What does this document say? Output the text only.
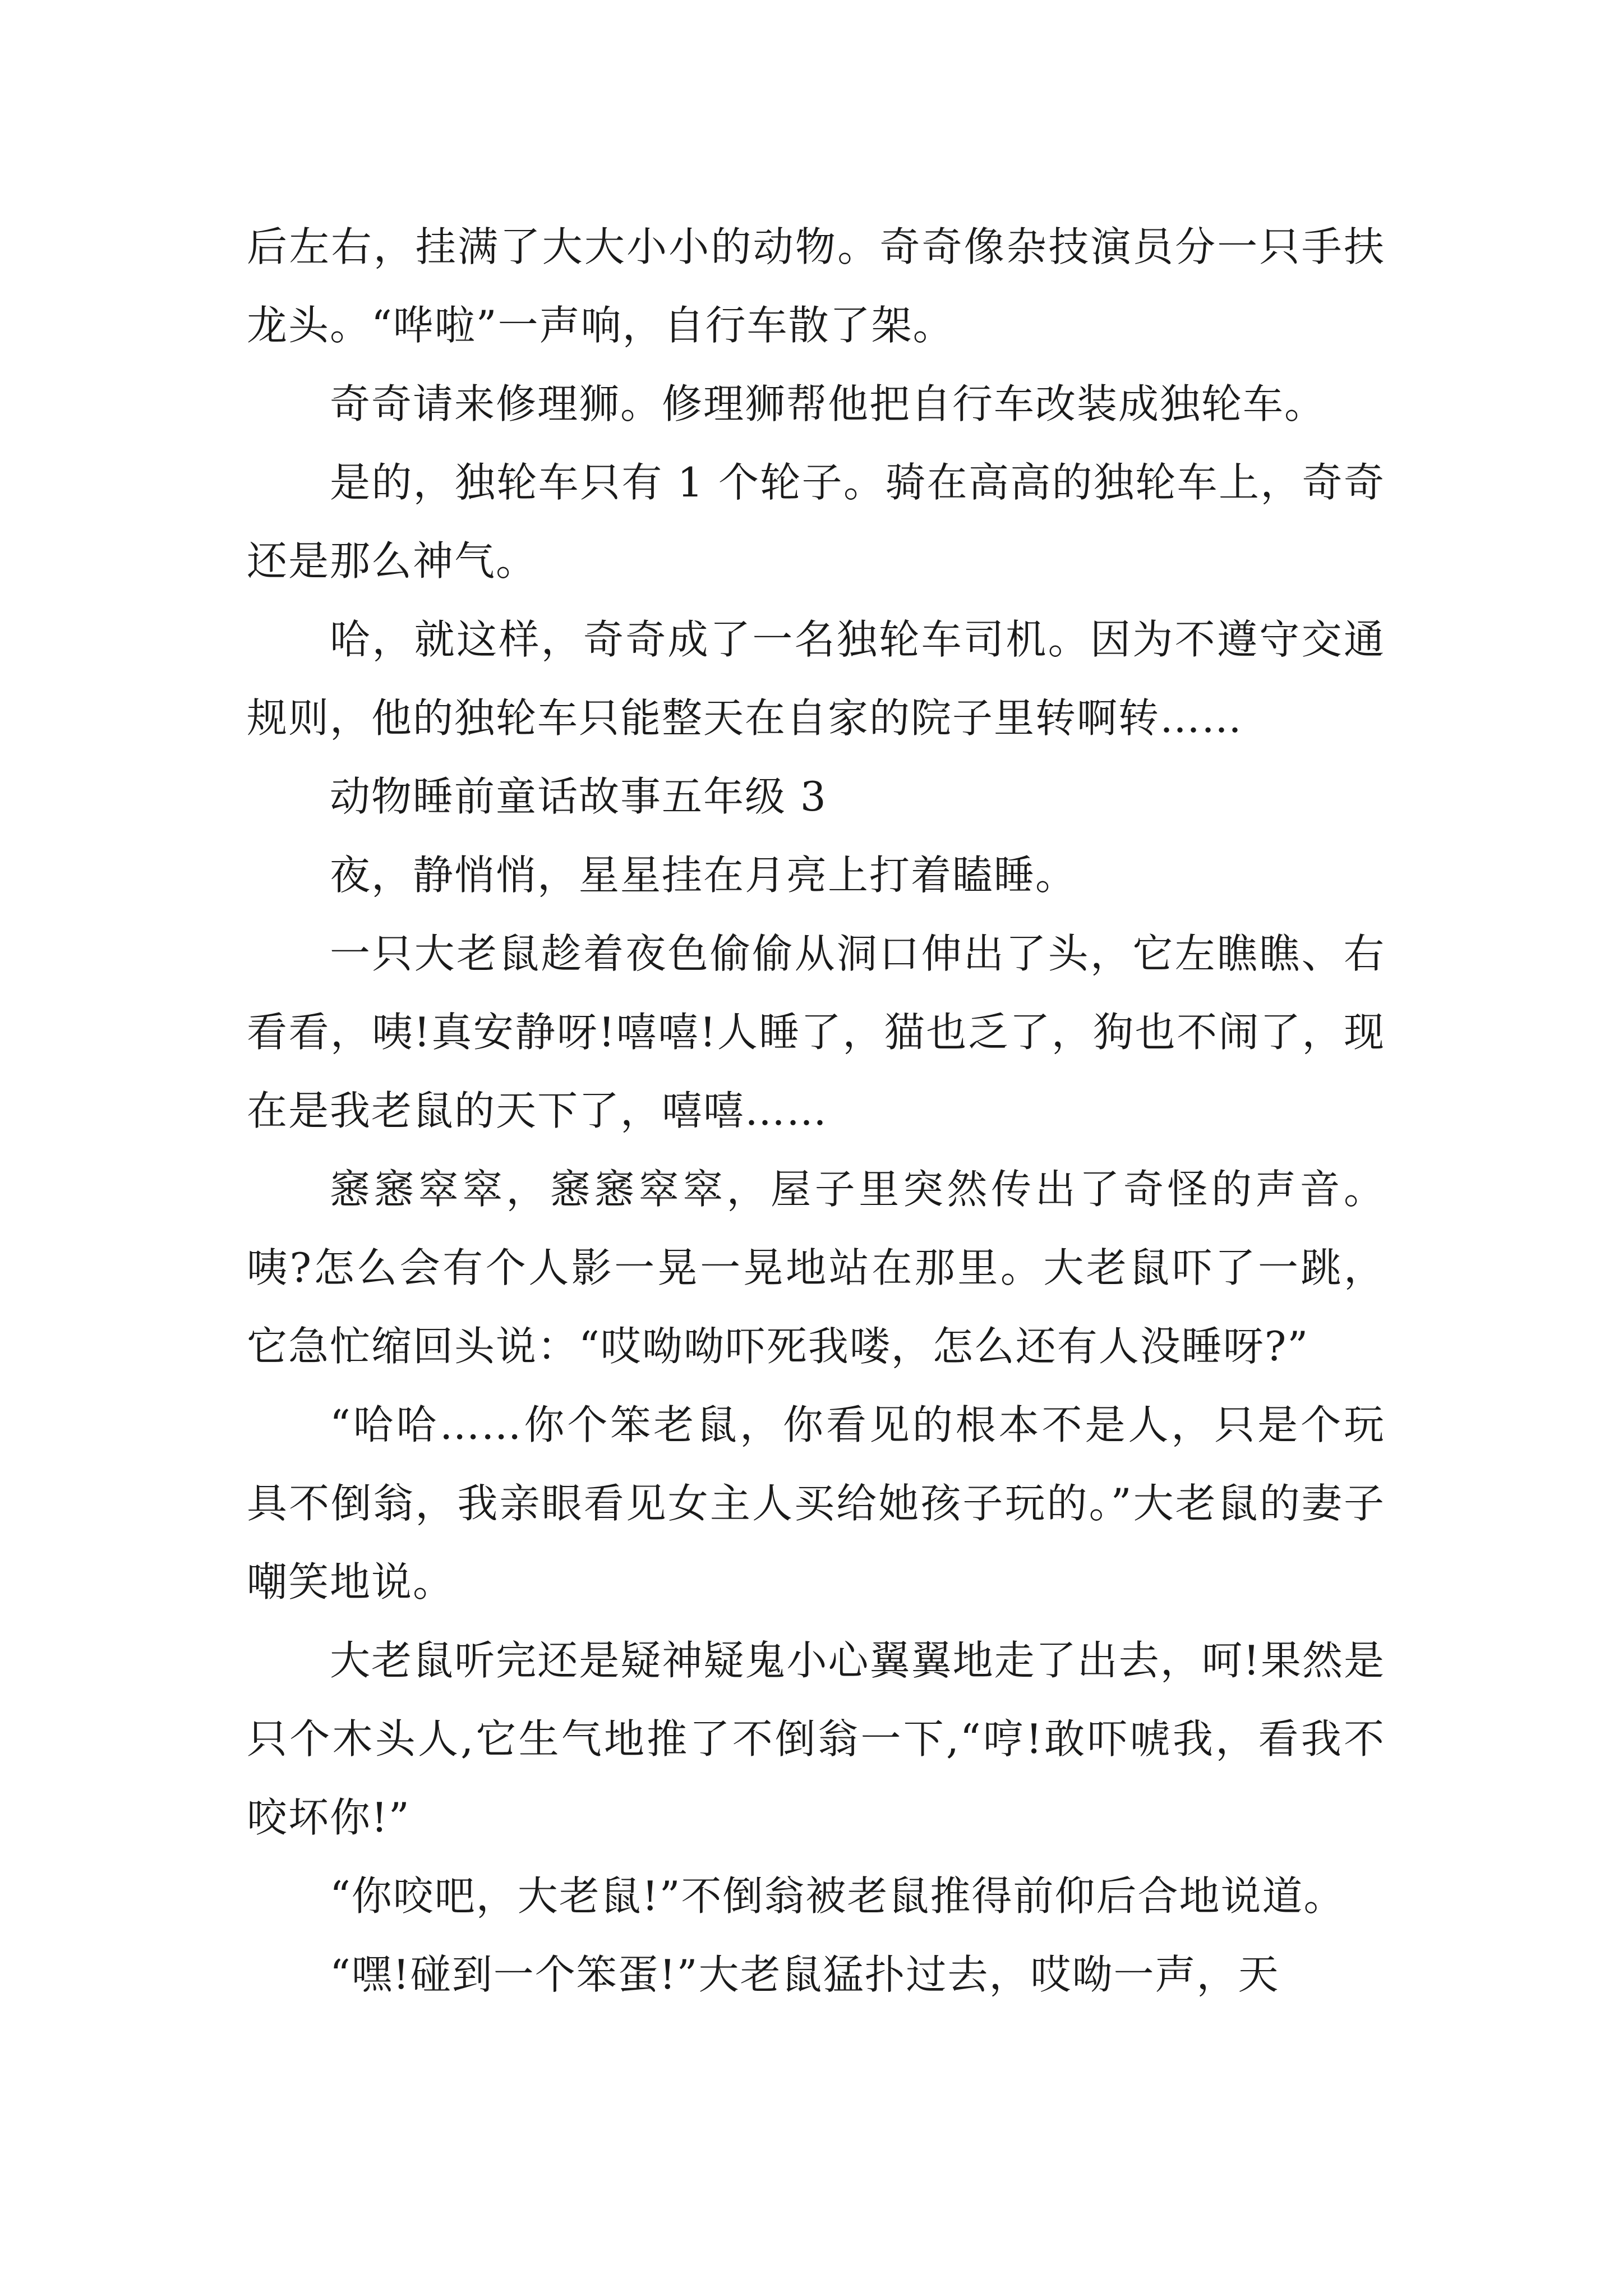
后左右，挂满了大大小小的动物。奇奇像杂技演员分一只手扶龙头。“哗啦”一声响，自行车散了架。

奇奇请来修理狮。修理狮帮他把自行车改装成独轮车。

是的，独轮车只有 1 个轮子。骑在高高的独轮车上，奇奇还是那么神气。

哈，就这样，奇奇成了一名独轮车司机。因为不遵守交通规则，他的独轮车只能整天在自家的院子里转啊转……

动物睡前童话故事五年级 3

夜，静悄悄，星星挂在月亮上打着瞌睡。

一只大老鼠趁着夜色偷偷从洞口伸出了头，它左瞧瞧、右看看，咦!真安静呀!嘻嘻!人睡了，猫也乏了，狗也不闹了，现在是我老鼠的天下了，嘻嘻……

窸窸窣窣，窸窸窣窣，屋子里突然传出了奇怪的声音。咦?怎么会有个人影一晃一晃地站在那里。大老鼠吓了一跳，它急忙缩回头说：“哎呦呦吓死我喽，怎么还有人没睡呀?”

“哈哈……你个笨老鼠，你看见的根本不是人，只是个玩具不倒翁，我亲眼看见女主人买给她孩子玩的。”大老鼠的妻子嘲笑地说。

大老鼠听完还是疑神疑鬼小心翼翼地走了出去，呵!果然是只个木头人,它生气地推了不倒翁一下,“哼!敢吓唬我，看我不咬坏你!”

“你咬吧，大老鼠!”不倒翁被老鼠推得前仰后合地说道。

“嘿!碰到一个笨蛋!”大老鼠猛扑过去，哎呦一声，天
